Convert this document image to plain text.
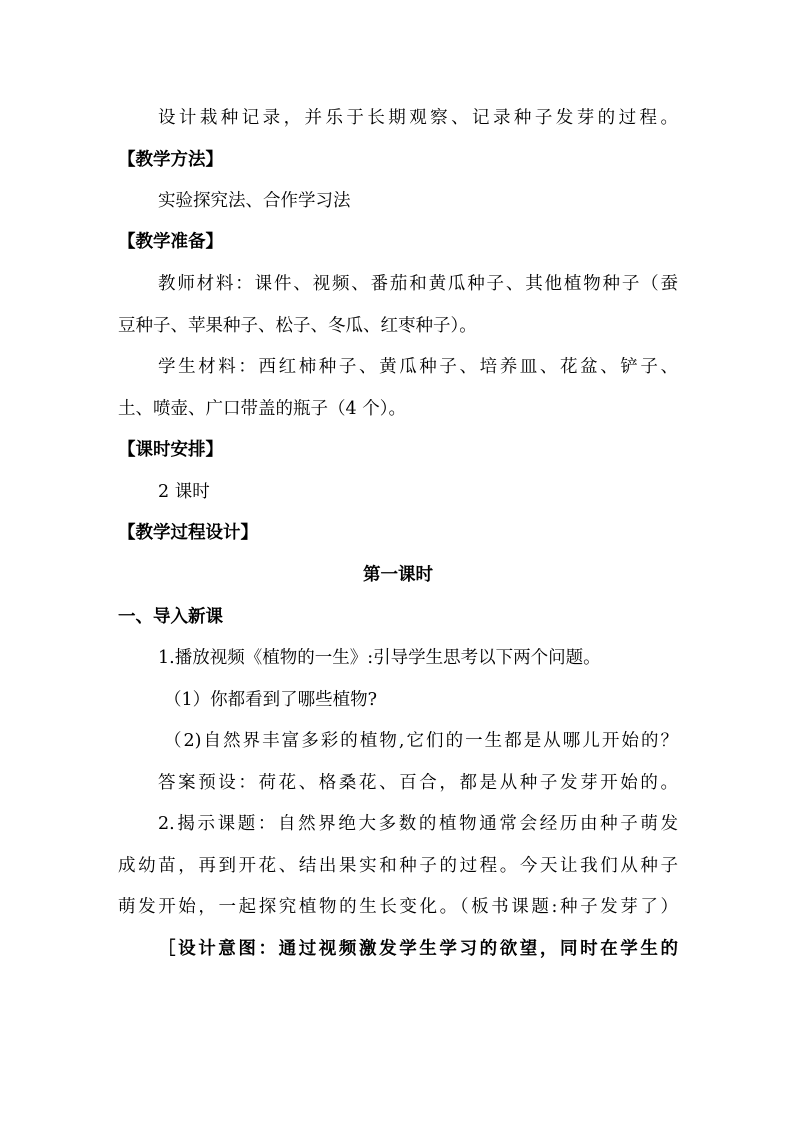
设计栽种记录，并乐于长期观察、记录种子发芽的过程。
【教学方法】
实验探究法、合作学习法
【教学准备】
教师材料：课件、视频、番茄和黄瓜种子、其他植物种子（蚕
豆种子、苹果种子、松子、冬瓜、红枣种子）。
学生材料：西红柿种子、黄瓜种子、培养皿、花盆、铲子、
土、喷壶、广口带盖的瓶子（4 个）。
【课时安排】
2 课时
【教学过程设计】
第一课时
一、导入新课
1.播放视频《植物的一生》:引导学生思考以下两个问题。
（1）你都看到了哪些植物?
（2)自然界丰富多彩的植物,它们的一生都是从哪儿开始的？
答案预设：荷花、格桑花、百合，都是从种子发芽开始的。
2.揭示课题：自然界绝大多数的植物通常会经历由种子萌发
成幼苗，再到开花、结出果实和种子的过程。今天让我们从种子
萌发开始，一起探究植物的生长变化。（板书课题:种子发芽了）
［设计意图：通过视频激发学生学习的欲望，同时在学生的
